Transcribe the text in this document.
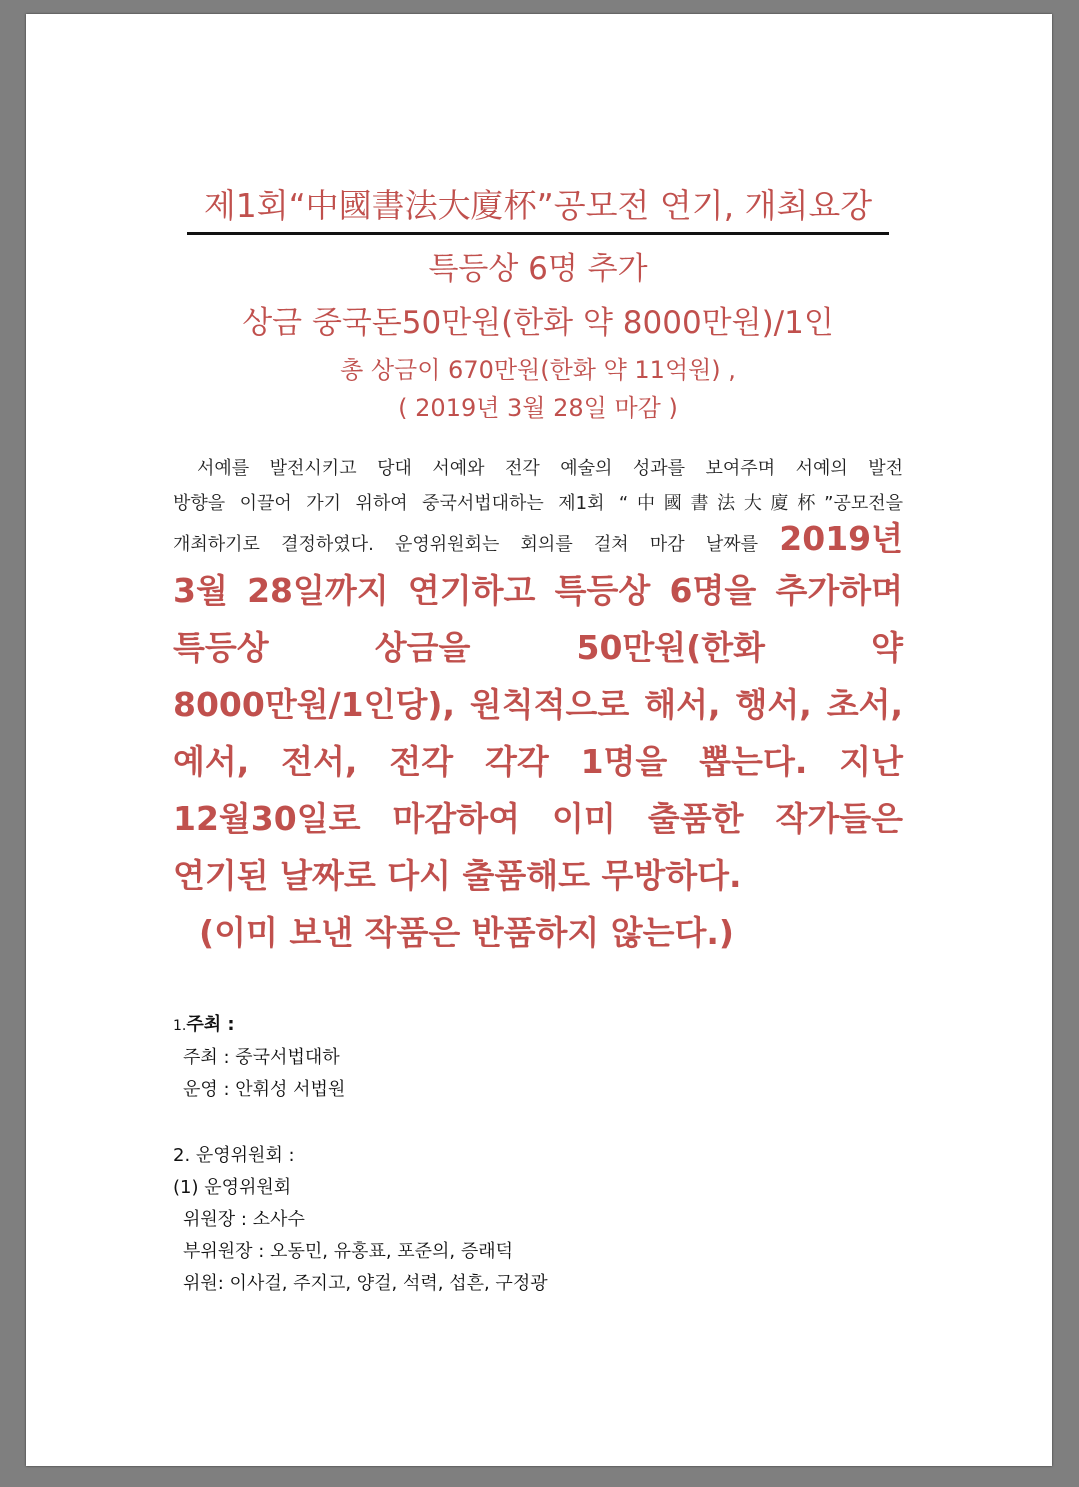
제1회“中國書法大廈杯”공모전 연기, 개최요강
특등상 6명 추가
상금 중국돈50만원(한화 약 8000만원)/1인
총 상금이 670만원(한화 약 11억원) ,
( 2019년 3월 28일 마감 )
서예를 발전시키고 당대 서예와 전각 예술의 성과를 보여주며 서예의 발전
방향을 이끌어 가기 위하여 중국서법대하는 제1회 “中國書法大廈杯”공모전을
개최하기로 결정하였다. 운영위원회는 회의를 걸쳐 마감 날짜를 2019년
3월 28일까지 연기하고 특등상 6명을 추가하며
특등상 상금을 50만원(한화 약
8000만원/1인당), 원칙적으로 해서, 행서, 초서,
예서, 전서, 전각 각각 1명을 뽑는다. 지난
12월30일로 마감하여 이미 출품한 작가들은
연기된 날짜로 다시 출품해도 무방하다.
(이미 보낸 작품은 반품하지 않는다.)
1.주최 :
주최 : 중국서법대하
운영 : 안휘성 서법원
2. 운영위원회 :
(1) 운영위원회
위원장 : 소사수
부위원장 : 오동민, 유홍표, 포준의, 증래덕
위원: 이사걸, 주지고, 양걸, 석력, 섭흔, 구정광
